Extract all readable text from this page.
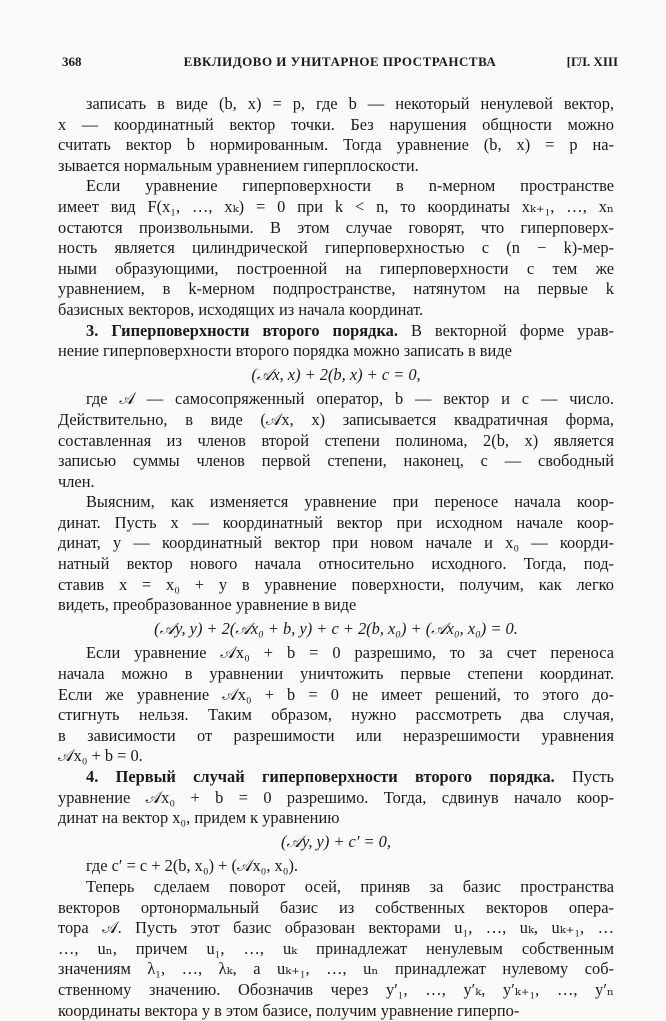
368	ЕВКЛИДОВО И УНИТАРНОЕ ПРОСТРАНСТВА	[ГЛ. XIII

записать в виде (b, x) = p, где b — некоторый ненулевой вектор,

x — координатный вектор точки. Без нарушения общности можно

считать вектор b нормированным. Тогда уравнение (b, x) = p на-

зывается нормальным уравнением гиперплоскости.

Если уравнение гиперповерхности в n-мерном пространстве

имеет вид F(x₁, …, xₖ) = 0 при k < n, то координаты xₖ₊₁, …, xₙ

остаются произвольными. В этом случае говорят, что гиперповерх-

ность является цилиндрической гиперповерхностью с (n − k)-мер-

ными образующими, построенной на гиперповерхности с тем же

уравнением, в k-мерном подпространстве, натянутом на первые k

базисных векторов, исходящих из начала координат.

3. Гиперповерхности второго порядка. В векторной форме урав-

нение гиперповерхности второго порядка можно записать в виде

(𝒜x, x) + 2(b, x) + c = 0,

где 𝒜 — самосопряженный оператор, b — вектор и c — число.

Действительно, в виде (𝒜x, x) записывается квадратичная форма,

составленная из членов второй степени полинома, 2(b, x) является

записью суммы членов первой степени, наконец, c — свободный

член.

Выясним, как изменяется уравнение при переносе начала коор-

динат. Пусть x — координатный вектор при исходном начале коор-

динат, y — координатный вектор при новом начале и x₀ — коорди-

натный вектор нового начала относительно исходного. Тогда, под-

ставив x = x₀ + y в уравнение поверхности, получим, как легко

видеть, преобразованное уравнение в виде

(𝒜y, y) + 2(𝒜x₀ + b, y) + c + 2(b, x₀) + (𝒜x₀, x₀) = 0.

Если уравнение 𝒜x₀ + b = 0 разрешимо, то за счет переноса

начала можно в уравнении уничтожить первые степени координат.

Если же уравнение 𝒜x₀ + b = 0 не имеет решений, то этого до-

стигнуть нельзя. Таким образом, нужно рассмотреть два случая,

в зависимости от разрешимости или неразрешимости уравнения

𝒜x₀ + b = 0.

4. Первый случай гиперповерхности второго порядка. Пусть

уравнение 𝒜x₀ + b = 0 разрешимо. Тогда, сдвинув начало коор-

динат на вектор x₀, придем к уравнению

(𝒜y, y) + c′ = 0,

где c′ = c + 2(b, x₀) + (𝒜x₀, x₀).

Теперь сделаем поворот осей, приняв за базис пространства

векторов ортонормальный базис из собственных векторов опера-

тора 𝒜. Пусть этот базис образован векторами u₁, …, uₖ, uₖ₊₁, …

…, uₙ, причем u₁, …, uₖ принадлежат ненулевым собственным

значениям λ₁, …, λₖ, а uₖ₊₁, …, uₙ принадлежат нулевому соб-

ственному значению. Обозначив через y′₁, …, y′ₖ, y′ₖ₊₁, …, y′ₙ

координаты вектора y в этом базисе, получим уравнение гиперпо-
